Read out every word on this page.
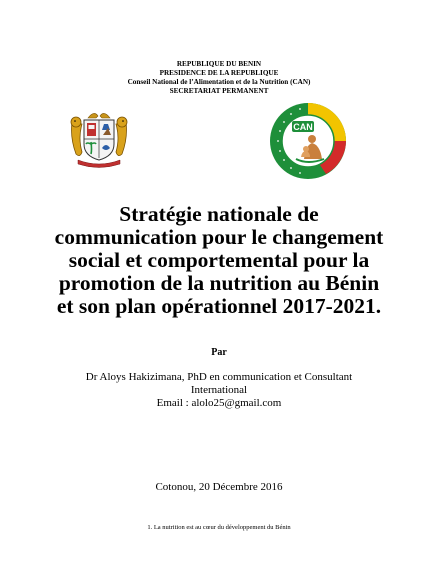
REPUBLIQUE DU BENIN
PRESIDENCE DE LA REPUBLIQUE
Conseil National de l’Alimentation et de la Nutrition (CAN)
SECRETARIAT PERMANENT
CAN
Stratégie nationale de
communication pour le changement
social et comportemental pour la
promotion de la nutrition au Bénin
et son plan opérationnel 2017-2021.
Par
Dr Aloys Hakizimana, PhD en communication et Consultant
International
Email : alolo25@gmail.com
Cotonou, 20 Décembre 2016
1. La nutrition est au cœur du développement du Bénin
